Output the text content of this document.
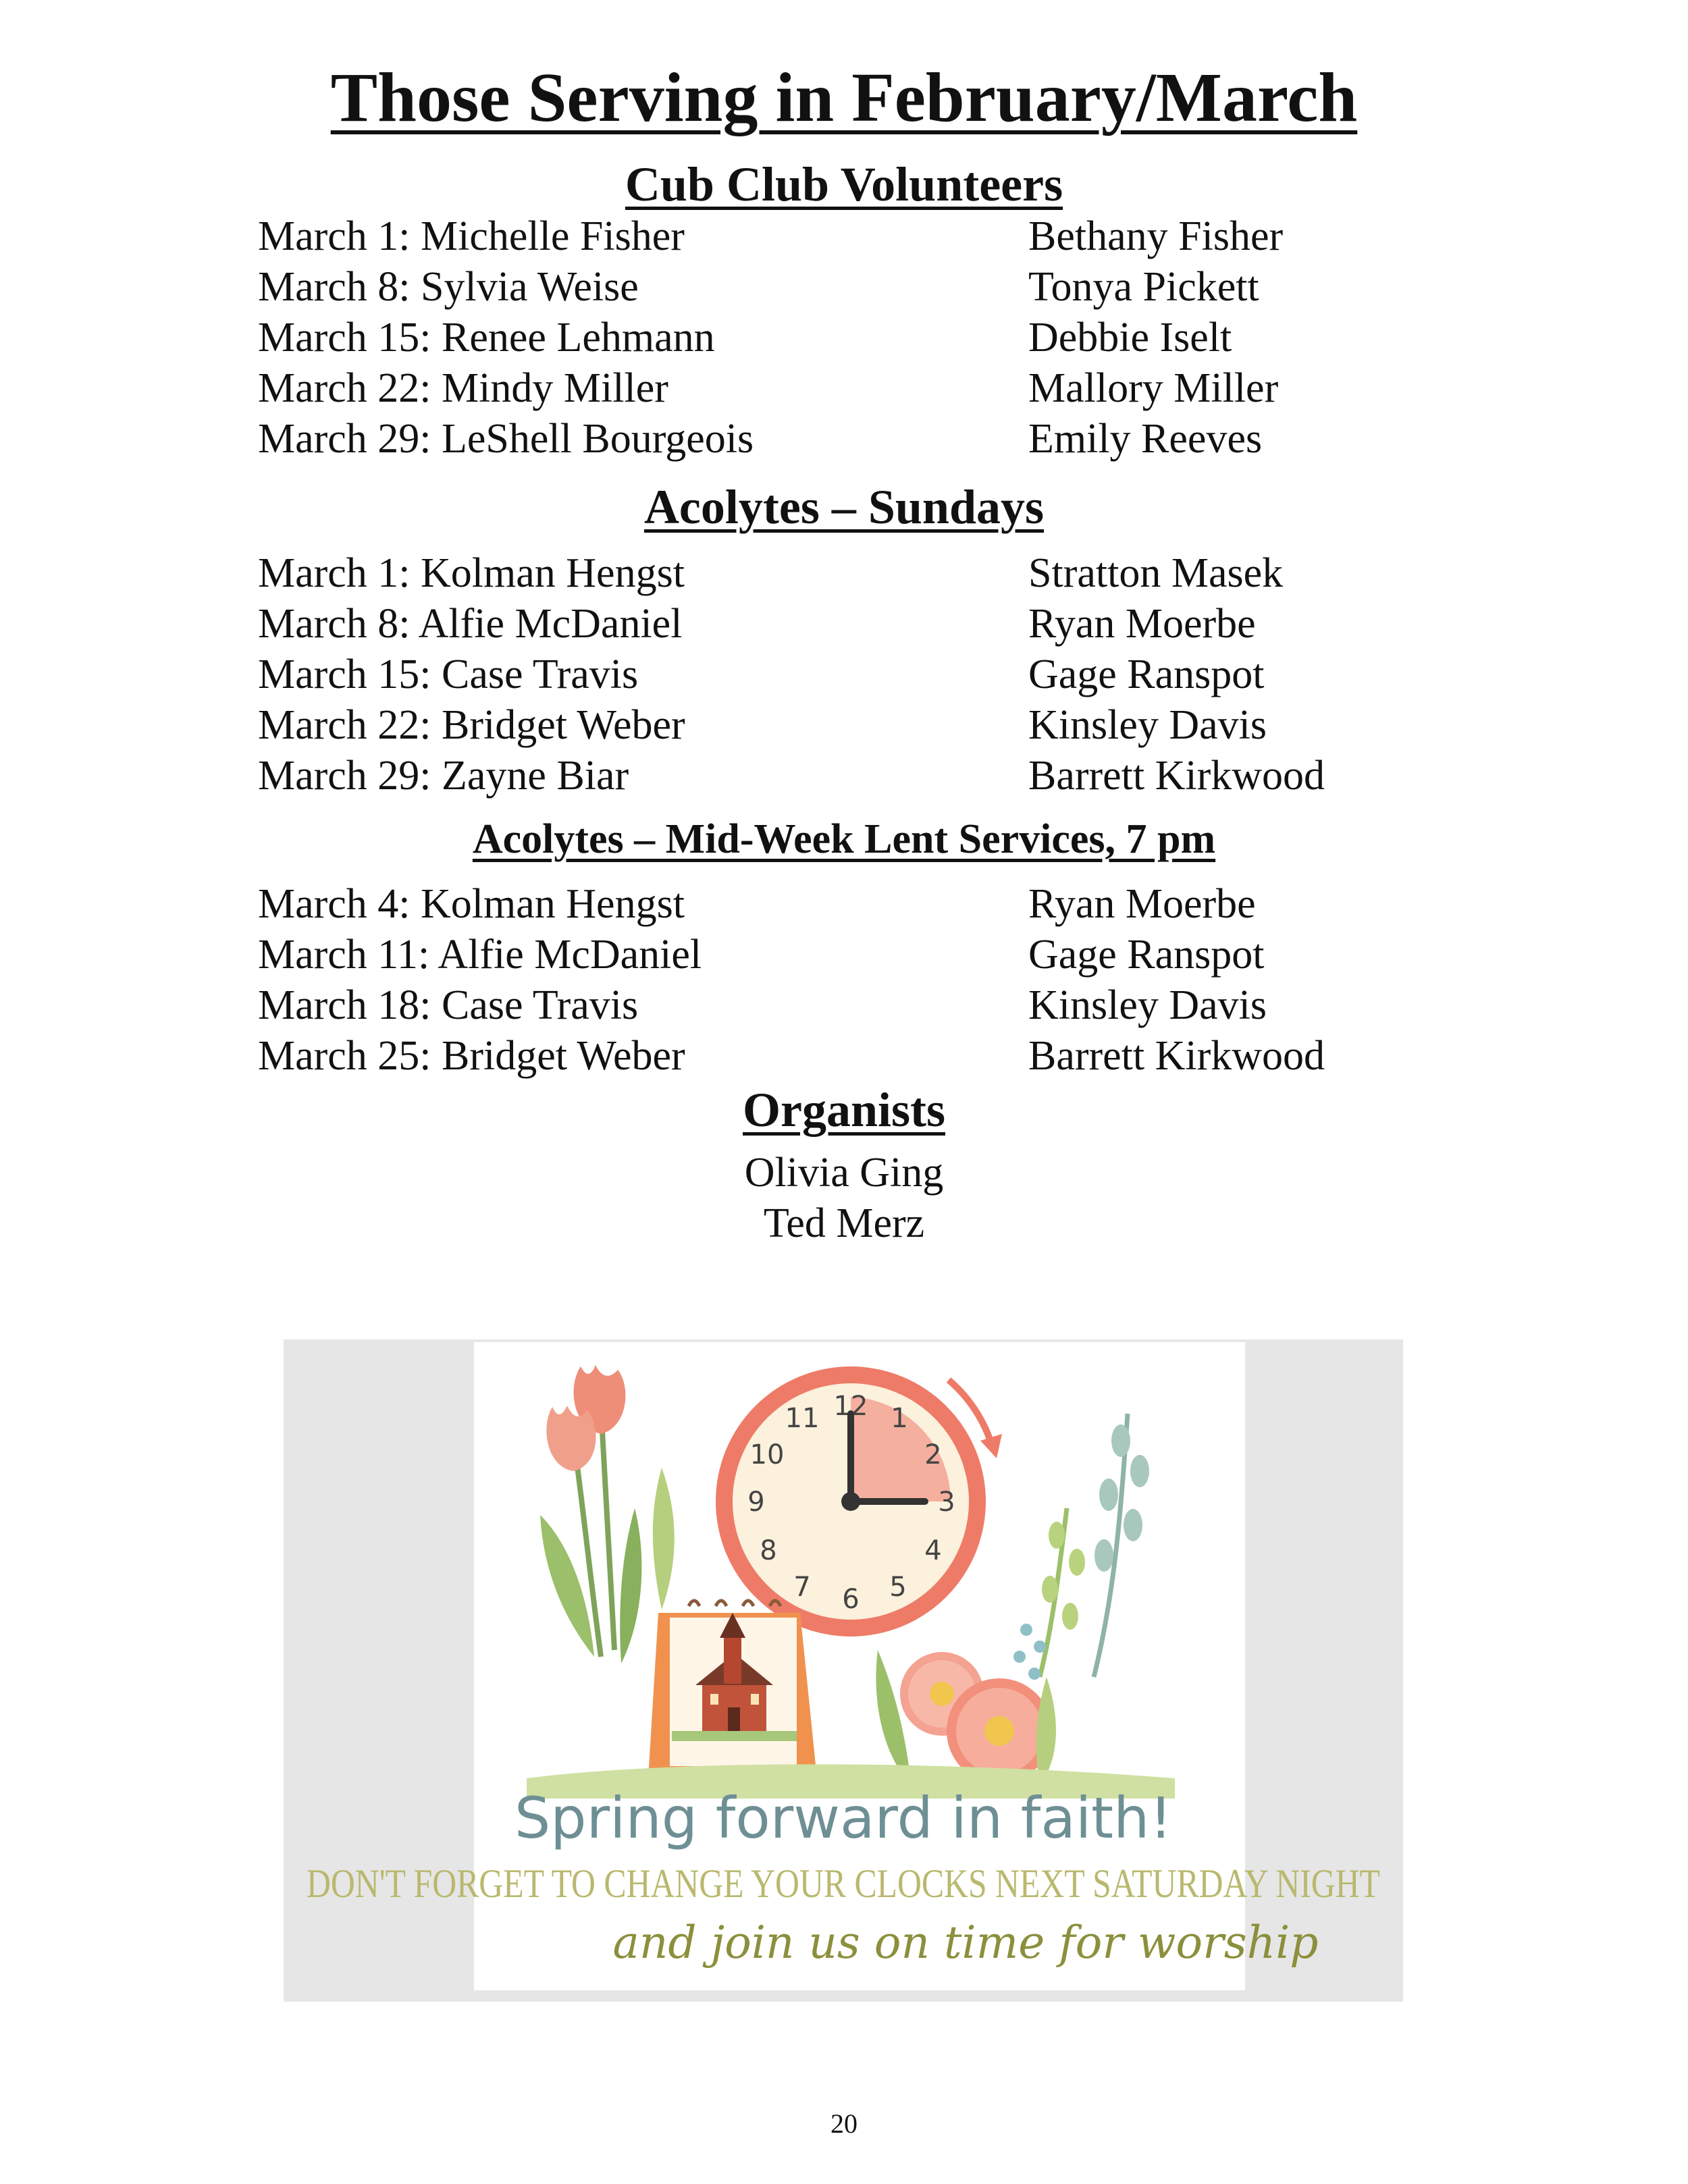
Those Serving in February/March
Cub Club Volunteers
March 1: Michelle Fisher	Bethany Fisher
March 8: Sylvia Weise	Tonya Pickett
March 15: Renee Lehmann	Debbie Iselt
March 22: Mindy Miller	Mallory Miller
March 29: LeShell Bourgeois	Emily Reeves
Acolytes – Sundays
March 1: Kolman Hengst	Stratton Masek
March 8: Alfie McDaniel	Ryan Moerbe
March 15: Case Travis	Gage Ranspot
March 22: Bridget Weber	Kinsley Davis
March 29: Zayne Biar	Barrett Kirkwood
Acolytes – Mid-Week Lent Services, 7 pm
March 4: Kolman Hengst	Ryan Moerbe
March 11: Alfie McDaniel	Gage Ranspot
March 18: Case Travis	Kinsley Davis
March 25: Bridget Weber	Barrett Kirkwood
Organists
Olivia Ging
Ted Merz
12 1
2
3
4
5
6
7
8
9
10
11
Spring forward in faith!
DON'T FORGET TO CHANGE YOUR CLOCKS NEXT SATURDAY NIGHT
and join us on time for worship
20
